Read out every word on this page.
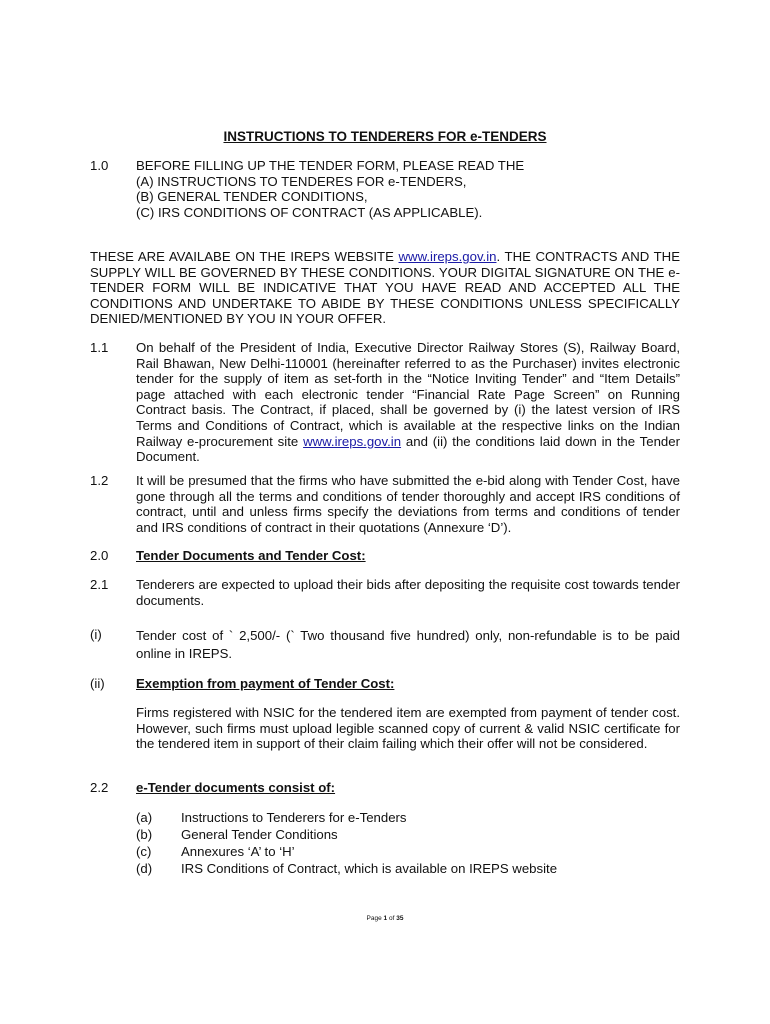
INSTRUCTIONS TO TENDERERS FOR e-TENDERS
1.0 BEFORE FILLING UP THE TENDER FORM, PLEASE READ THE
(A) INSTRUCTIONS TO TENDERES FOR e-TENDERS,
(B) GENERAL TENDER CONDITIONS,
(C) IRS CONDITIONS OF CONTRACT (AS APPLICABLE).
THESE ARE AVAILABE ON THE IREPS WEBSITE www.ireps.gov.in. THE CONTRACTS AND THE SUPPLY WILL BE GOVERNED BY THESE CONDITIONS. YOUR DIGITAL SIGNATURE ON THE e-TENDER FORM WILL BE INDICATIVE THAT YOU HAVE READ AND ACCEPTED ALL THE CONDITIONS AND UNDERTAKE TO ABIDE BY THESE CONDITIONS UNLESS SPECIFICALLY DENIED/MENTIONED BY YOU IN YOUR OFFER.
1.1 On behalf of the President of India, Executive Director Railway Stores (S), Railway Board, Rail Bhawan, New Delhi-110001 (hereinafter referred to as the Purchaser) invites electronic tender for the supply of item as set-forth in the “Notice Inviting Tender” and “Item Details” page attached with each electronic tender “Financial Rate Page Screen” on Running Contract basis. The Contract, if placed, shall be governed by (i) the latest version of IRS Terms and Conditions of Contract, which is available at the respective links on the Indian Railway e-procurement site www.ireps.gov.in and (ii) the conditions laid down in the Tender Document.
1.2 It will be presumed that the firms who have submitted the e-bid along with Tender Cost, have gone through all the terms and conditions of tender thoroughly and accept IRS conditions of contract, until and unless firms specify the deviations from terms and conditions of tender and IRS conditions of contract in their quotations (Annexure ‘D’).
2.0 Tender Documents and Tender Cost:
2.1 Tenderers are expected to upload their bids after depositing the requisite cost towards tender documents.
(i)	Tender cost of ` 2,500/- (` Two thousand five hundred) only, non-refundable is to be paid online in IREPS.
(ii) Exemption from payment of Tender Cost:
Firms registered with NSIC for the tendered item are exempted from payment of tender cost. However, such firms must upload legible scanned copy of current & valid NSIC certificate for the tendered item in support of their claim failing which their offer will not be considered.
2.2 e-Tender documents consist of:
(a) Instructions to Tenderers for e-Tenders
(b) General Tender Conditions
(c) Annexures ‘A’ to ‘H’
(d) IRS Conditions of Contract, which is available on IREPS website
Page 1 of 35
